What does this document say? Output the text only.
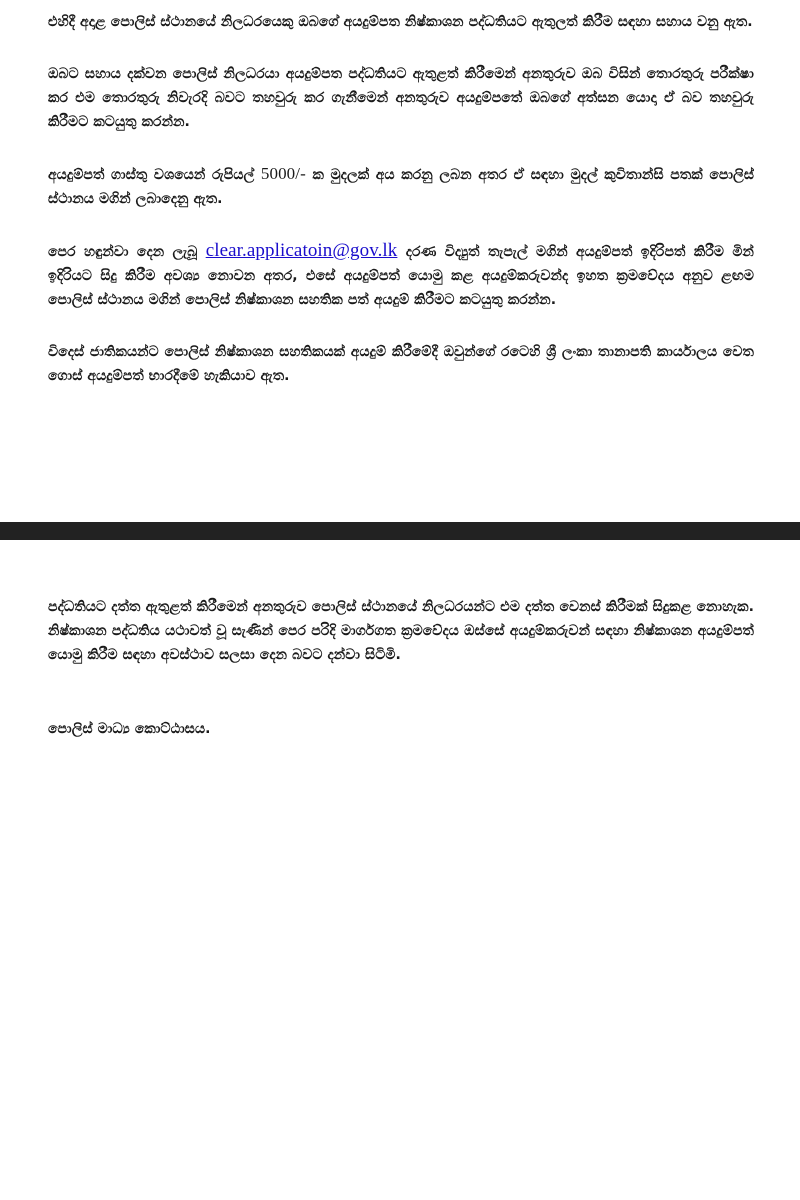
එහිදී අදාළ පොලිස් ස්ථානයේ නිලධරයෙකු ඔබගේ අයදුම්පත නිෂ්කාශන පද්ධතියට ඇතුලත් කිරීම සඳහා සහාය වනු ඇත.

ඔබට සහාය දක්වන පොලිස් නිලධරයා අයදුම්පත පද්ධතියට ඇතුළත් කිරීමෙන් අනතුරුව ඔබ විසින් තොරතුරු පරීක්ෂා කර එම තොරතුරු නිවැරදි බවට තහවුරු කර ගැනීමෙන් අනතුරුව අයදුම්පතේ ඔබගේ අත්සන යොදා ඒ බව තහවුරු කිරීමට කටයුතු කරන්න.

අයදුම්පත් ගාස්තු වශයෙන් රුපියල් 5000/- ක මුදලක් අය කරනු ලබන අතර ඒ සඳහා මුදල් කුවිතාන්සි පතක් පොලිස් ස්ථානය මගින් ලබාදෙනු ඇත.

පෙර හඳුන්වා දෙන ලැබූ clear.applicatoin@gov.lk දරණ විද්‍යුත් තැපැල් මගින් අයදුම්පත් ඉදිරිපත් කිරීම මින් ඉදිරියට සිදු කිරීම අවශ්‍ය නොවන අතර, එසේ අයදුම්පත් යොමු කළ අයදුම්කරුවන්ද ඉහත ක්‍රමවේදය අනුව ළඟම පොලිස් ස්ථානය මගින් පොලිස් නිෂ්කාශන සහතික පත් අයදුම් කිරීමට කටයුතු කරන්න.

විදෙස් ජාතිකයන්ට පොලිස් නිෂ්කාශන සහතිකයක් අයදුම් කිරීමේදී ඔවුන්ගේ රටෙහි ශ්‍රී ලංකා තානාපති කාර්යාලය වෙත ගොස් අයදුම්පත් භාරදීමේ හැකියාව ඇත.

පද්ධතියට දත්ත ඇතුළත් කිරීමෙන් අනතුරුව පොලිස් ස්ථානයේ නිලධරයන්ට එම දත්ත වෙනස් කිරීමක් සිදුකළ නොහැක. නිෂ්කාශන පද්ධතිය යථාවත් වූ සැණින් පෙර පරිදි මාර්ගගත ක්‍රමවේදය ඔස්සේ අයදුම්කරුවන් සඳහා නිෂ්කාශන අයදුම්පත් යොමු කිරීම සඳහා අවස්ථාව සලසා දෙන බවට දන්වා සිටිමි.

පොලිස් මාධ්‍ය කොට්ඨාසය.
